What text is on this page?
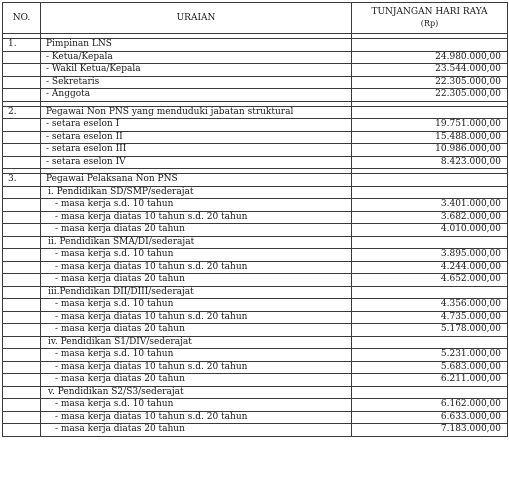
NO.	URAIAN	TUNJANGAN HARI RAYA
(Rp)

1.	Pimpinan LNS	
	- Ketua/Kepala	24.980.000,00
	- Wakil Ketua/Kepala	23.544.000,00
	- Sekretaris	22.305.000,00
	- Anggota	22.305.000,00

2.	Pegawai Non PNS yang menduduki jabatan struktural	
	- setara eselon I	19.751.000,00
	- setara eselon II	15.488.000,00
	- setara eselon III	10.986.000,00
	- setara eselon IV	8.423.000,00

3.	Pegawai Pelaksana Non PNS	
	i. Pendidikan SD/SMP/sederajat	
	- masa kerja s.d. 10 tahun	3.401.000,00
	- masa kerja diatas 10 tahun s.d. 20 tahun	3.682.000,00
	- masa kerja diatas 20 tahun	4.010.000,00
	ii. Pendidikan SMA/DI/sederajat	
	- masa kerja s.d. 10 tahun	3.895.000,00
	- masa kerja diatas 10 tahun s.d. 20 tahun	4.244.000,00
	- masa kerja diatas 20 tahun	4.652.000,00
	iii.Pendidikan DII/DIII/sederajat	
	- masa kerja s.d. 10 tahun	4.356.000,00
	- masa kerja diatas 10 tahun s.d. 20 tahun	4.735.000,00
	- masa kerja diatas 20 tahun	5.178.000,00
	iv. Pendidikan S1/DIV/sederajat	
	- masa kerja s.d. 10 tahun	5.231.000,00
	- masa kerja diatas 10 tahun s.d. 20 tahun	5.683.000,00
	- masa kerja diatas 20 tahun	6.211.000,00
	v. Pendidikan S2/S3/sederajat	
	- masa kerja s.d. 10 tahun	6.162.000,00
	- masa kerja diatas 10 tahun s.d. 20 tahun	6.633.000,00
	- masa kerja diatas 20 tahun	7.183.000,00
